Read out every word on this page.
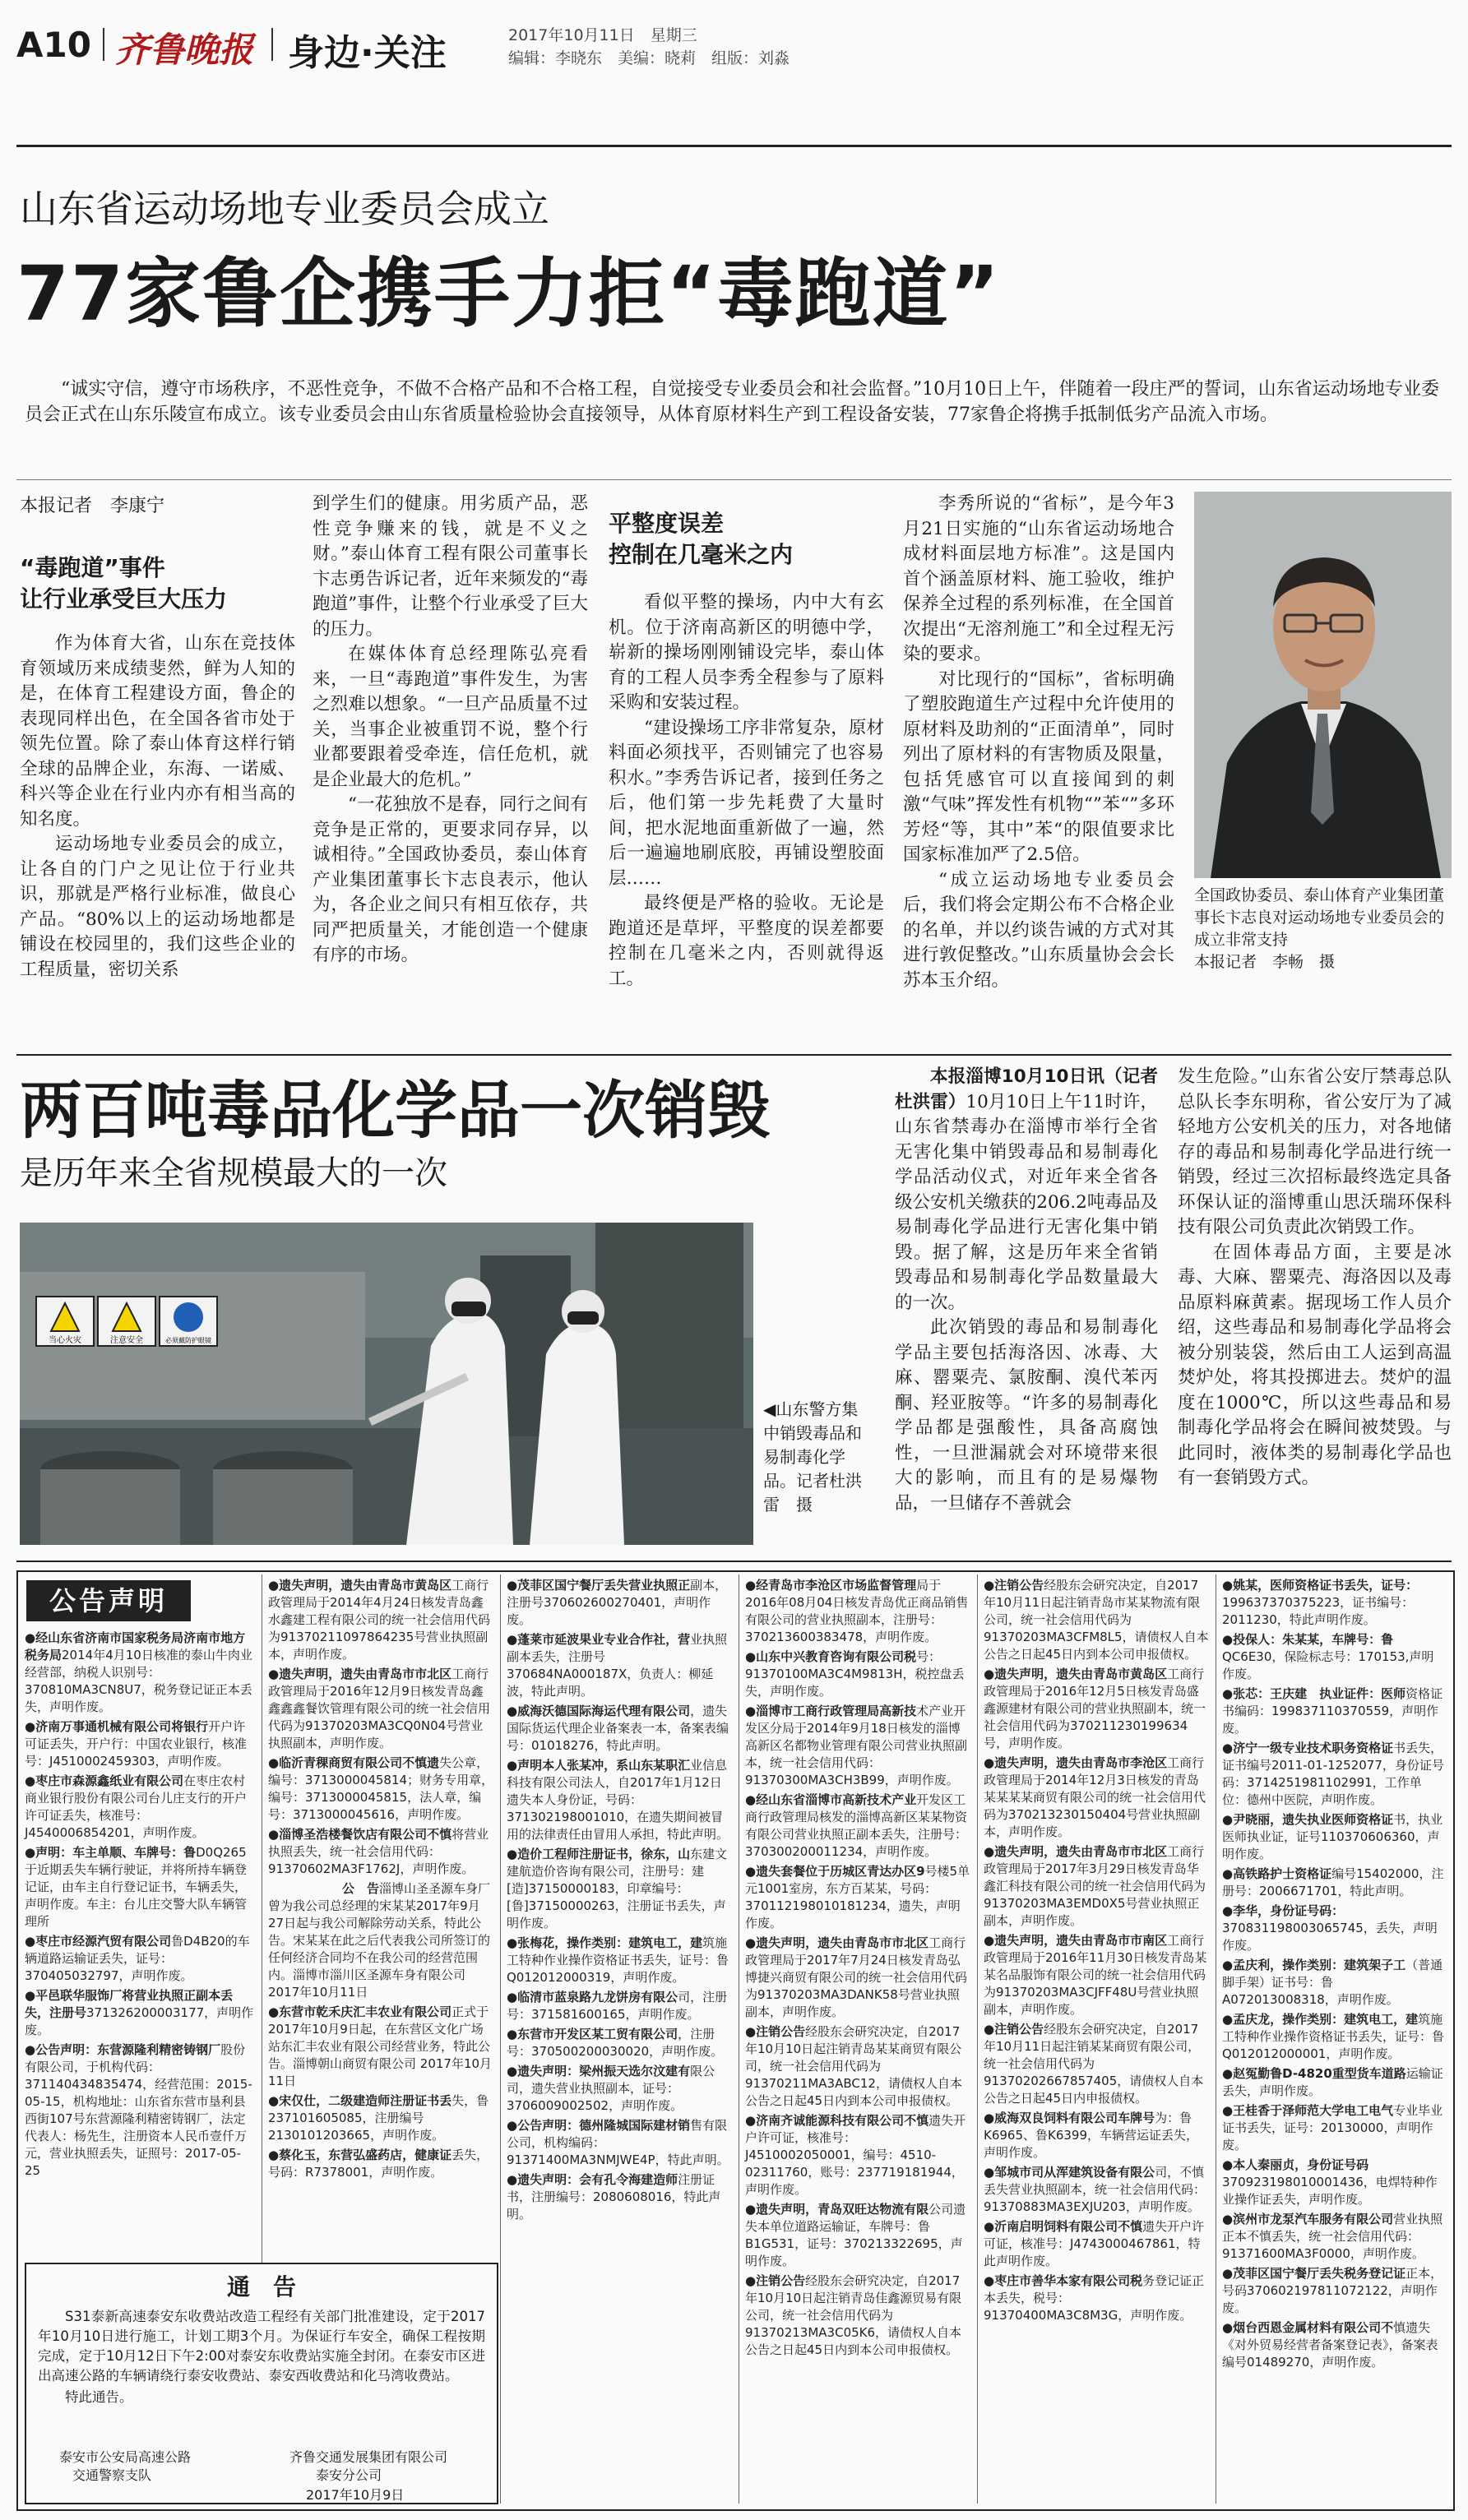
A10 齐鲁晚报 身边·关注	2017年10月11日　星期三
编辑：李晓东　美编：晓莉　组版：刘淼
山东省运动场地专业委员会成立
77家鲁企携手力拒“毒跑道”

“诚实守信，遵守市场秩序，不恶性竞争，不做不合格产品和不合格工程，自觉接受专业委员会和社会监督。”10月10日上午，伴随着一段庄严的誓词，山东省运动场地专业委员会正式在山东乐陵宣布成立。该专业委员会由山东省质量检验协会直接领导，从体育原材料生产到工程设备安装，77家鲁企将携手抵制低劣产品流入市场。

本报记者　李康宁
“毒跑道”事件
让行业承受巨大压力

作为体育大省，山东在竞技体育领域历来成绩斐然，鲜为人知的是，在体育工程建设方面，鲁企的表现同样出色，在全国各省市处于领先位置。除了泰山体育这样行销全球的品牌企业，东海、一诺威、科兴等企业在行业内亦有相当高的知名度。

运动场地专业委员会的成立，让各自的门户之见让位于行业共识，那就是严格行业标准，做良心产品。“80%以上的运动场地都是铺设在校园里的，我们这些企业的工程质量，密切关系

到学生们的健康。用劣质产品，恶性竞争赚来的钱，就是不义之财。”泰山体育工程有限公司董事长卞志勇告诉记者，近年来频发的“毒跑道”事件，让整个行业承受了巨大的压力。

在媒体体育总经理陈弘亮看来，一旦“毒跑道”事件发生，为害之烈难以想象。“一旦产品质量不过关，当事企业被重罚不说，整个行业都要跟着受牵连，信任危机，就是企业最大的危机。”

“一花独放不是春，同行之间有竞争是正常的，更要求同存异，以诚相待。”全国政协委员，泰山体育产业集团董事长卞志良表示，他认为，各企业之间只有相互依存，共同严把质量关，才能创造一个健康有序的市场。

平整度误差
控制在几毫米之内

看似平整的操场，内中大有玄机。位于济南高新区的明德中学，崭新的操场刚刚铺设完毕，泰山体育的工程人员李秀全程参与了原料采购和安装过程。

“建设操场工序非常复杂，原材料面必须找平，否则铺完了也容易积水。”李秀告诉记者，接到任务之后，他们第一步先耗费了大量时间，把水泥地面重新做了一遍，然后一遍遍地刷底胶，再铺设塑胶面层……

最终便是严格的验收。无论是跑道还是草坪，平整度的误差都要控制在几毫米之内，否则就得返工。

李秀所说的“省标”，是今年3月21日实施的“山东省运动场地合成材料面层地方标准”。这是国内首个涵盖原材料、施工验收，维护保养全过程的系列标准，在全国首次提出“无溶剂施工”和全过程无污染的要求。

对比现行的“国标”，省标明确了塑胶跑道生产过程中允许使用的原材料及助剂的“正面清单”，同时列出了原材料的有害物质及限量，包括凭感官可以直接闻到的刺激“气味”挥发性有机物“”苯“”多环芳烃“等，其中”苯“的限值要求比国家标准加严了2.5倍。

“成立运动场地专业委员会后，我们将会定期公布不合格企业的名单，并以约谈告诫的方式对其进行敦促整改。”山东质量协会会长苏本玉介绍。

全国政协委员、泰山体育产业集团董事长卞志良对运动场地专业委员会的成立非常支持
本报记者　李畅　摄
两百吨毒品化学品一次销毁
是历年来全省规模最大的一次
当心火灾	注意安全	必须戴防护眼镜
◀山东警方集中销毁毒品和易制毒化学品。记者杜洪雷　摄

本报淄博10月10日讯（记者　杜洪雷）10月10日上午11时许，山东省禁毒办在淄博市举行全省无害化集中销毁毒品和易制毒化学品活动仪式，对近年来全省各级公安机关缴获的206.2吨毒品及易制毒化学品进行无害化集中销毁。据了解，这是历年来全省销毁毒品和易制毒化学品数量最大的一次。

此次销毁的毒品和易制毒化学品主要包括海洛因、冰毒、大麻、罂粟壳、氯胺酮、溴代苯丙酮、羟亚胺等。“许多的易制毒化学品都是强酸性，具备高腐蚀性，一旦泄漏就会对环境带来很大的影响，而且有的是易爆物品，一旦储存不善就会

发生危险。”山东省公安厅禁毒总队总队长李东明称，省公安厅为了减轻地方公安机关的压力，对各地储存的毒品和易制毒化学品进行统一销毁，经过三次招标最终选定具备环保认证的淄博重山思沃瑞环保科技有限公司负责此次销毁工作。

在固体毒品方面，主要是冰毒、大麻、罂粟壳、海洛因以及毒品原料麻黄素。据现场工作人员介绍，这些毒品和易制毒化学品将会被分别装袋，然后由工人运到高温焚炉处，将其投掷进去。焚炉的温度在1000℃，所以这些毒品和易制毒化学品将会在瞬间被焚毁。与此同时，液体类的易制毒化学品也有一套销毁方式。

公告声明
●经山东省济南市国家税务局济南市地方税务局2014年4月10日核准的泰山牛肉业经营部，纳税人识别号：370810MA3CN8U7，税务登记证正本丢失，声明作废。
●济南万事通机械有限公司将银行开户许可证丢失，开户行：中国农业银行，核准号：J4510002459303，声明作废。
●枣庄市森源鑫纸业有限公司在枣庄农村商业银行股份有限公司台儿庄支行的开户许可证丢失，核准号：J4540006854201，声明作废。
●声明：车主单顺、车牌号：鲁D0Q265于近期丢失车辆行驶证，并将所持车辆登记证，由车主自行登记证书，车辆丢失，声明作废。车主：台儿庄交警大队车辆管理所
●枣庄市经源汽贸有限公司鲁D4B20的车辆道路运输证丢失，证号：370405032797，声明作废。
●平邑联华服饰厂将营业执照正副本丢失，注册号371326200003177，声明作废。
●公告声明：东营源隆利精密铸钢厂股份有限公司，于机构代码：371140434835474，经营范围：2015-05-15，机构地址：山东省东营市垦利县西街107号东营源隆利精密铸钢厂，法定代表人：杨先生，注册资本人民币壹仟万元，营业执照丢失，证照号：2017-05-25
●遗失声明，遗失由青岛市黄岛区工商行政管理局于2014年4月24日核发青岛鑫水鑫建工程有限公司的统一社会信用代码为91370211097864235号营业执照副本，声明作废。
●遗失声明，遗失由青岛市市北区工商行政管理局于2016年12月9日核发青岛鑫鑫鑫鑫餐饮管理有限公司的统一社会信用代码为91370203MA3CQ0N04号营业执照副本，声明作废。
●临沂青稞商贸有限公司不慎遗失公章，编号：3713000045814；财务专用章，编号：3713000045815，法人章，编号：3713000045616，声明作废。
●淄博圣浩楼餐饮店有限公司不慎将营业执照丢失，统一社会信用代码：91370602MA3F1762J，声明作废。
　　　　　　公　告淄博山圣圣源车身厂曾为我公司总经理的宋某某2017年9月27日起与我公司解除劳动关系，特此公告。宋某某在此之后代表我公司所签订的任何经济合同均不在我公司的经营范围内。淄博市淄川区圣源车身有限公司 2017年10月11日
●东营市乾禾庆汇丰农业有限公司正式于2017年10月9日起，在东营区文化广场站东汇丰农业有限公司经营业务，特此公告。淄博朝山商贸有限公司 2017年10月11日
●宋仅仕，二级建造师注册证书丢失，鲁237101605085，注册编号2130101203665，声明作废。
●蔡化玉，东营弘盛药店，健康证丢失，号码：R7378001，声明作废。
●茂菲区国宁餐厅丢失营业执照正副本，注册号370602600270401，声明作废。
●蓬莱市延波果业专业合作社，营业执照副本丢失，注册号370684NA000187X，负责人：柳延波，特此声明。
●威海沃德国际海运代理有限公司，遗失国际货运代理企业备案表一本，备案表编号：01018276，特此声明。
●声明本人张某冲，系山东某职汇业信息科技有限公司法人，自2017年1月12日遗失本人身份证，号码：371302198001010，在遗失期间被冒用的法律责任由冒用人承担，特此声明。
●造价工程师注册证书，徐东，山东建文建航造价咨询有限公司，注册号：建[造]37150000183，印章编号：[鲁]37150000263，注册证书丢失，声明作废。
●张梅花，操作类别：建筑电工，建筑施工特种作业操作资格证书丢失，证号：鲁Q012012000319，声明作废。
●临清市蓝泉路九龙饼房有限公司，注册号：371581600165，声明作废。
●东营市开发区某工贸有限公司，注册号：370500200030020，声明作废。
●遗失声明：梁州振天选尔汶建有限公司，遗失营业执照副本，证号：3706009002502，声明作废。
●公告声明：德州隆城国际建材销售有限公司，机构编码：91371400MA3NMJWE4P，特此声明。
●遗失声明：会有孔令海建造师注册证书，注册编号：2080608016，特此声明。
●经青岛市李沧区市场监督管理局于2016年08月04日核发青岛优正商品销售有限公司的营业执照副本，注册号：370213600383478，声明作废。
●山东中兴教育咨询有限公司税号：91370100MA3C4M9813H，税控盘丢失，声明作废。
●淄博市工商行政管理局高新技术产业开发区分局于2014年9月18日核发的淄博高新区名都物业管理有限公司营业执照副本，统一社会信用代码：91370300MA3CH3B99，声明作废。
●经山东省淄博市高新技术产业开发区工商行政管理局核发的淄博高新区某某物资有限公司营业执照正副本丢失，注册号：370300200011234，声明作废。
●遗失套餐位于历城区青达办区9号楼5单元1001室房，东方百某某，号码：370112198010181234，遗失，声明作废。
●遗失声明，遗失由青岛市市北区工商行政管理局于2017年7月24日核发青岛弘博捷兴商贸有限公司的统一社会信用代码为91370203MA3DANK58号营业执照副本，声明作废。
●注销公告经股东会研究决定，自2017年10月10日起注销青岛某某商贸有限公司，统一社会信用代码为91370211MA3ABC12，请债权人自本公告之日起45日内到本公司申报债权。
●济南齐诚能源科技有限公司不慎遗失开户许可证，核准号：J4510002050001，编号：4510-02311760，账号：237719181944，声明作废。
●遗失声明，青岛双旺达物流有限公司遗失本单位道路运输证，车牌号：鲁B1G531，证号：370213322695，声明作废。
●注销公告经股东会研究决定，自2017年10月10日起注销青岛佳鑫源贸易有限公司，统一社会信用代码为91370213MA3C05K6，请债权人自本公告之日起45日内到本公司申报债权。
●注销公告经股东会研究决定，自2017年10月11日起注销青岛市某某物流有限公司，统一社会信用代码为91370203MA3CFM8L5，请债权人自本公告之日起45日内到本公司申报债权。
●遗失声明，遗失由青岛市黄岛区工商行政管理局于2016年12月5日核发青岛盛鑫源建材有限公司的营业执照副本，统一社会信用代码为370211230199634号，声明作废。
●遗失声明，遗失由青岛市李沧区工商行政管理局于2014年12月3日核发的青岛某某某某商贸有限公司的统一社会信用代码为370213230150404号营业执照副本，声明作废。
●遗失声明，遗失由青岛市市北区工商行政管理局于2017年3月29日核发青岛华鑫汇科技有限公司的统一社会信用代码为91370203MA3EMD0X5号营业执照正副本，声明作废。
●遗失声明，遗失由青岛市市南区工商行政管理局于2016年11月30日核发青岛某某名品服饰有限公司的统一社会信用代码为91370203MA3CJFF48U号营业执照副本，声明作废。
●注销公告经股东会研究决定，自2017年10月11日起注销某某商贸有限公司，统一社会信用代码为91370202667857405，请债权人自本公告之日起45日内申报债权。
●威海双良饲料有限公司车牌号为：鲁K6965、鲁K6399，车辆营运证丢失，声明作废。
●邹城市司从浑建筑设备有限公司，不慎丢失营业执照副本，统一社会信用代码：91370883MA3EXJU203，声明作废。
●沂南启明饲料有限公司不慎遗失开户许可证，核准号：J4743000467861，特此声明作废。
●枣庄市善华本家有限公司税务登记证正本丢失，税号：91370400MA3C8M3G，声明作废。
●姚某，医师资格证书丢失，证号：199637370375223，证书编号：2011230，特此声明作废。
●投保人：朱某某，车牌号：鲁QC6E30，保险标志号：170153,声明作废。
●张芯：王庆建　执业证件：医师资格证书编码：199837110370559，声明作废。
●济宁一级专业技术职务资格证书丢失，证书编号2011-01-1252077，身份证号码：3714251981102991，工作单位：德州中医院，声明作废。
●尹晓丽，遗失执业医师资格证书，执业医师执业证，证号110370606360，声明作废。
●高铁路护士资格证编号15402000，注册号：2006671701，特此声明。
●李华，身份证号码：370831198003065745，丢失，声明作废。
●孟庆利，操作类别：建筑架子工（普通脚手架）证书号：鲁A072013008318，声明作废。
●孟庆龙，操作类别：建筑电工，建筑施工特种作业操作资格证书丢失，证号：鲁Q012012000001，声明作废。
●赵冤勤鲁D-4820重型货车道路运输证丢失，声明作废。
●王桂香于泽师范大学电工电气专业毕业证书丢失，证号：20130000，声明作废。
●本人秦丽贞，身份证号码370923198010001436，电焊特种作业操作证丢失，声明作废。
●滨州市龙泵汽车服务有限公司营业执照正本不慎丢失，统一社会信用代码：91371600MA3F0000，声明作废。
●茂菲区国宁餐厅丢失税务登记证正本，号码370602197811072122，声明作废。
●烟台西恩金属材料有限公司不慎遗失《对外贸易经营者备案登记表》，备案表编号01489270，声明作废。
通　告
S31泰新高速泰安东收费站改造工程经有关部门批准建设，定于2017年10月10日进行施工，计划工期3个月。为保证行车安全，确保工程按期完成，定于10月12日下午2:00对泰安东收费站实施全封闭。在泰安市区进出高速公路的车辆请绕行泰安收费站、泰安西收费站和化马湾收费站。
特此通告。
泰安市公安局高速公路
交通警察支队
齐鲁交通发展集团有限公司
泰安分公司
2017年10月9日
